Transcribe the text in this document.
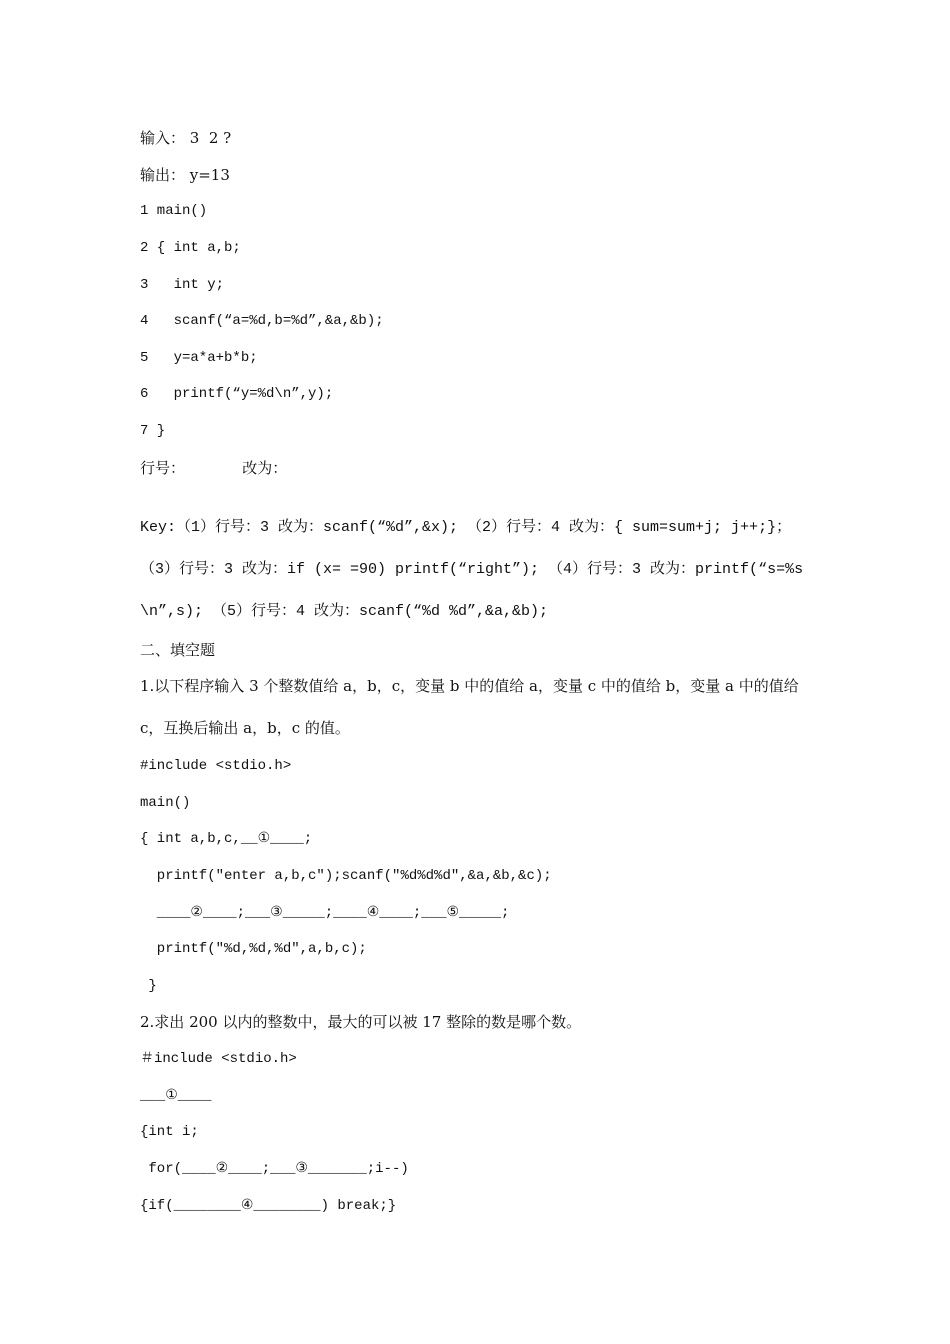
输入： 3  2 ?
输出： y=13
1 main()
2 { int a,b;
3   int y;
4   scanf(“a=%d,b=%d”,&a,&b);
5   y=a*a+b*b;
6   printf(“y=%d\n”,y);
7 }
行号：            改为：
Key:（1）行号：3 改为：scanf(“%d”,&x); （2）行号：4 改为：{ sum=sum+j; j++;}； （3）行号：3 改为：if (x= =90) printf(“right”); （4）行号：3 改为：printf(“s=%s\n”,s); （5）行号：4 改为：scanf(“%d %d”,&a,&b);
二、填空题
1.以下程序输入 3 个整数值给 a，b，c，变量 b 中的值给 a，变量 c 中的值给 b，变量 a 中的值给 c，互换后输出 a，b，c 的值。
#include <stdio.h>
main()
{ int a,b,c,__①____;
printf("enter a,b,c");scanf("%d%d%d",&a,&b,&c);
____②____;___③_____;____④____;___⑤_____;
printf("%d,%d,%d",a,b,c);
}
2.求出 200 以内的整数中，最大的可以被 17 整除的数是哪个数。
＃include <stdio.h>
___①____
{int i;
for(____②____;___③_______;i--)
{if(________④________) break;}
